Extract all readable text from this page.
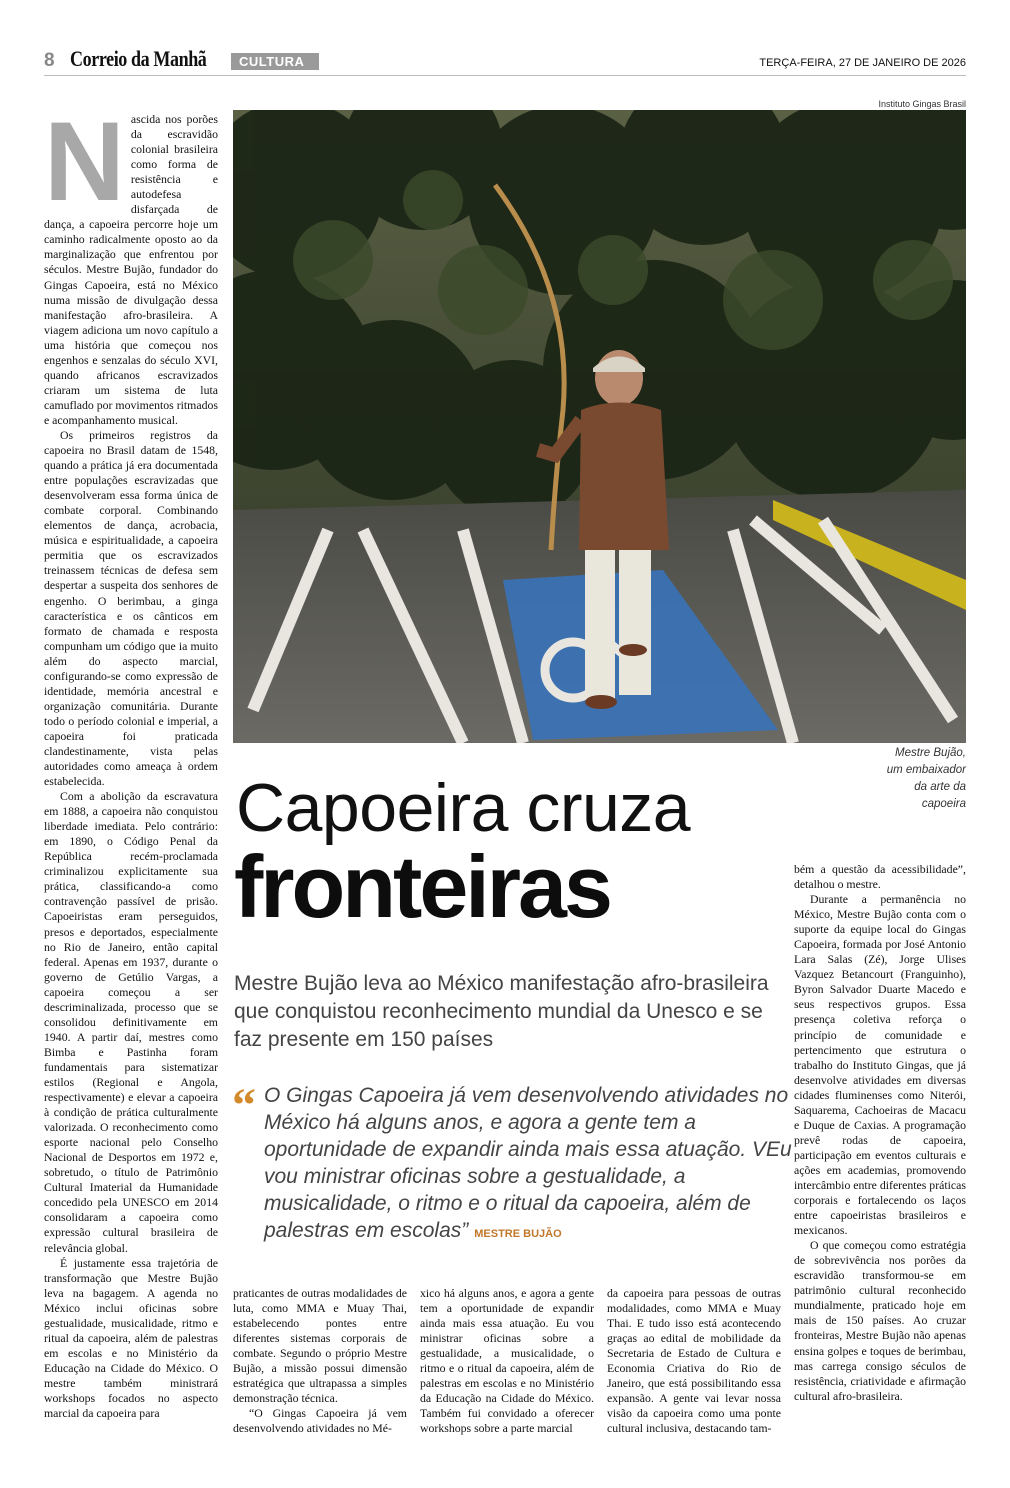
8 Correio da Manhã	CULTURA	TERÇA-FEIRA, 27 DE JANEIRO DE 2026
Instituto Gingas Brasil
Mestre Bujão, um embaixador da arte da capoeira
N ascida nos porões da escravidão colonial brasileira como forma de resistência e autodefesa disfarçada de dança, a capoeira percorre hoje um caminho radicalmente oposto ao da marginalização que enfrentou por séculos. Mestre Bujão, fundador do Gingas Capoeira, está no México numa missão de divulgação dessa manifestação afro-brasileira. A viagem adiciona um novo capítulo a uma história que começou nos engenhos e senzalas do século XVI, quando africanos escravizados criaram um sistema de luta camuflado por movimentos ritmados e acompanhamento musical.

Os primeiros registros da capoeira no Brasil datam de 1548, quando a prática já era documentada entre populações escravizadas que desenvolveram essa forma única de combate corporal. Combinando elementos de dança, acrobacia, música e espiritualidade, a capoeira permitia que os escravizados treinassem técnicas de defesa sem despertar a suspeita dos senhores de engenho. O berimbau, a ginga característica e os cânticos em formato de chamada e resposta compunham um código que ia muito além do aspecto marcial, configurando-se como expressão de identidade, memória ancestral e organização comunitária. Durante todo o período colonial e imperial, a capoeira foi praticada clandestinamente, vista pelas autoridades como ameaça à ordem estabelecida.

Com a abolição da escravatura em 1888, a capoeira não conquistou liberdade imediata. Pelo contrário: em 1890, o Código Penal da República recém-proclamada criminalizou explicitamente sua prática, classificando-a como contravenção passível de prisão. Capoeiristas eram perseguidos, presos e deportados, especialmente no Rio de Janeiro, então capital federal. Apenas em 1937, durante o governo de Getúlio Vargas, a capoeira começou a ser descriminalizada, processo que se consolidou definitivamente em 1940. A partir daí, mestres como Bimba e Pastinha foram fundamentais para sistematizar estilos (Regional e Angola, respectivamente) e elevar a capoeira à condição de prática culturalmente valorizada. O reconhecimento como esporte nacional pelo Conselho Nacional de Desportos em 1972 e, sobretudo, o título de Patrimônio Cultural Imaterial da Humanidade concedido pela UNESCO em 2014 consolidaram a capoeira como expressão cultural brasileira de relevância global.

É justamente essa trajetória de transformação que Mestre Bujão leva na bagagem. A agenda no México inclui oficinas sobre gestualidade, musicalidade, ritmo e ritual da capoeira, além de palestras em escolas e no Ministério da Educação na Cidade do México. O mestre também ministrará workshops focados no aspecto marcial da capoeira para

Capoeira cruza
fronteiras
Mestre Bujão leva ao México manifestação afro-brasileira que conquistou reconhecimento mundial da Unesco e se faz presente em 150 países
“ O Gingas Capoeira já vem desenvolvendo atividades no México há alguns anos, e agora a gente tem a oportunidade de expandir ainda mais essa atuação. VEu vou ministrar oficinas sobre a gestualidade, a musicalidade, o ritmo e o ritual da capoeira, além de palestras em escolas” MESTRE BUJÃO

praticantes de outras modalidades de luta, como MMA e Muay Thai, estabelecendo pontes entre diferentes sistemas corporais de combate. Segundo o próprio Mestre Bujão, a missão possui dimensão estratégica que ultrapassa a simples demonstração técnica.

“O Gingas Capoeira já vem desenvolvendo atividades no Mé-

xico há alguns anos, e agora a gente tem a oportunidade de expandir ainda mais essa atuação. Eu vou ministrar oficinas sobre a gestualidade, a musicalidade, o ritmo e o ritual da capoeira, além de palestras em escolas e no Ministério da Educação na Cidade do México. Também fui convidado a oferecer workshops sobre a parte marcial

da capoeira para pessoas de outras modalidades, como MMA e Muay Thai. E tudo isso está acontecendo graças ao edital de mobilidade da Secretaria de Estado de Cultura e Economia Criativa do Rio de Janeiro, que está possibilitando essa expansão. A gente vai levar nossa visão da capoeira como uma ponte cultural inclusiva, destacando tam-

bém a questão da acessibilidade”, detalhou o mestre.

Durante a permanência no México, Mestre Bujão conta com o suporte da equipe local do Gingas Capoeira, formada por José Antonio Lara Salas (Zé), Jorge Ulises Vazquez Betancourt (Franguinho), Byron Salvador Duarte Macedo e seus respectivos grupos. Essa presença coletiva reforça o princípio de comunidade e pertencimento que estrutura o trabalho do Instituto Gingas, que já desenvolve atividades em diversas cidades fluminenses como Niterói, Saquarema, Cachoeiras de Macacu e Duque de Caxias. A programação prevê rodas de capoeira, participação em eventos culturais e ações em academias, promovendo intercâmbio entre diferentes práticas corporais e fortalecendo os laços entre capoeiristas brasileiros e mexicanos.

O que começou como estratégia de sobrevivência nos porões da escravidão transformou-se em patrimônio cultural reconhecido mundialmente, praticado hoje em mais de 150 países. Ao cruzar fronteiras, Mestre Bujão não apenas ensina golpes e toques de berimbau, mas carrega consigo séculos de resistência, criatividade e afirmação cultural afro-brasileira.
